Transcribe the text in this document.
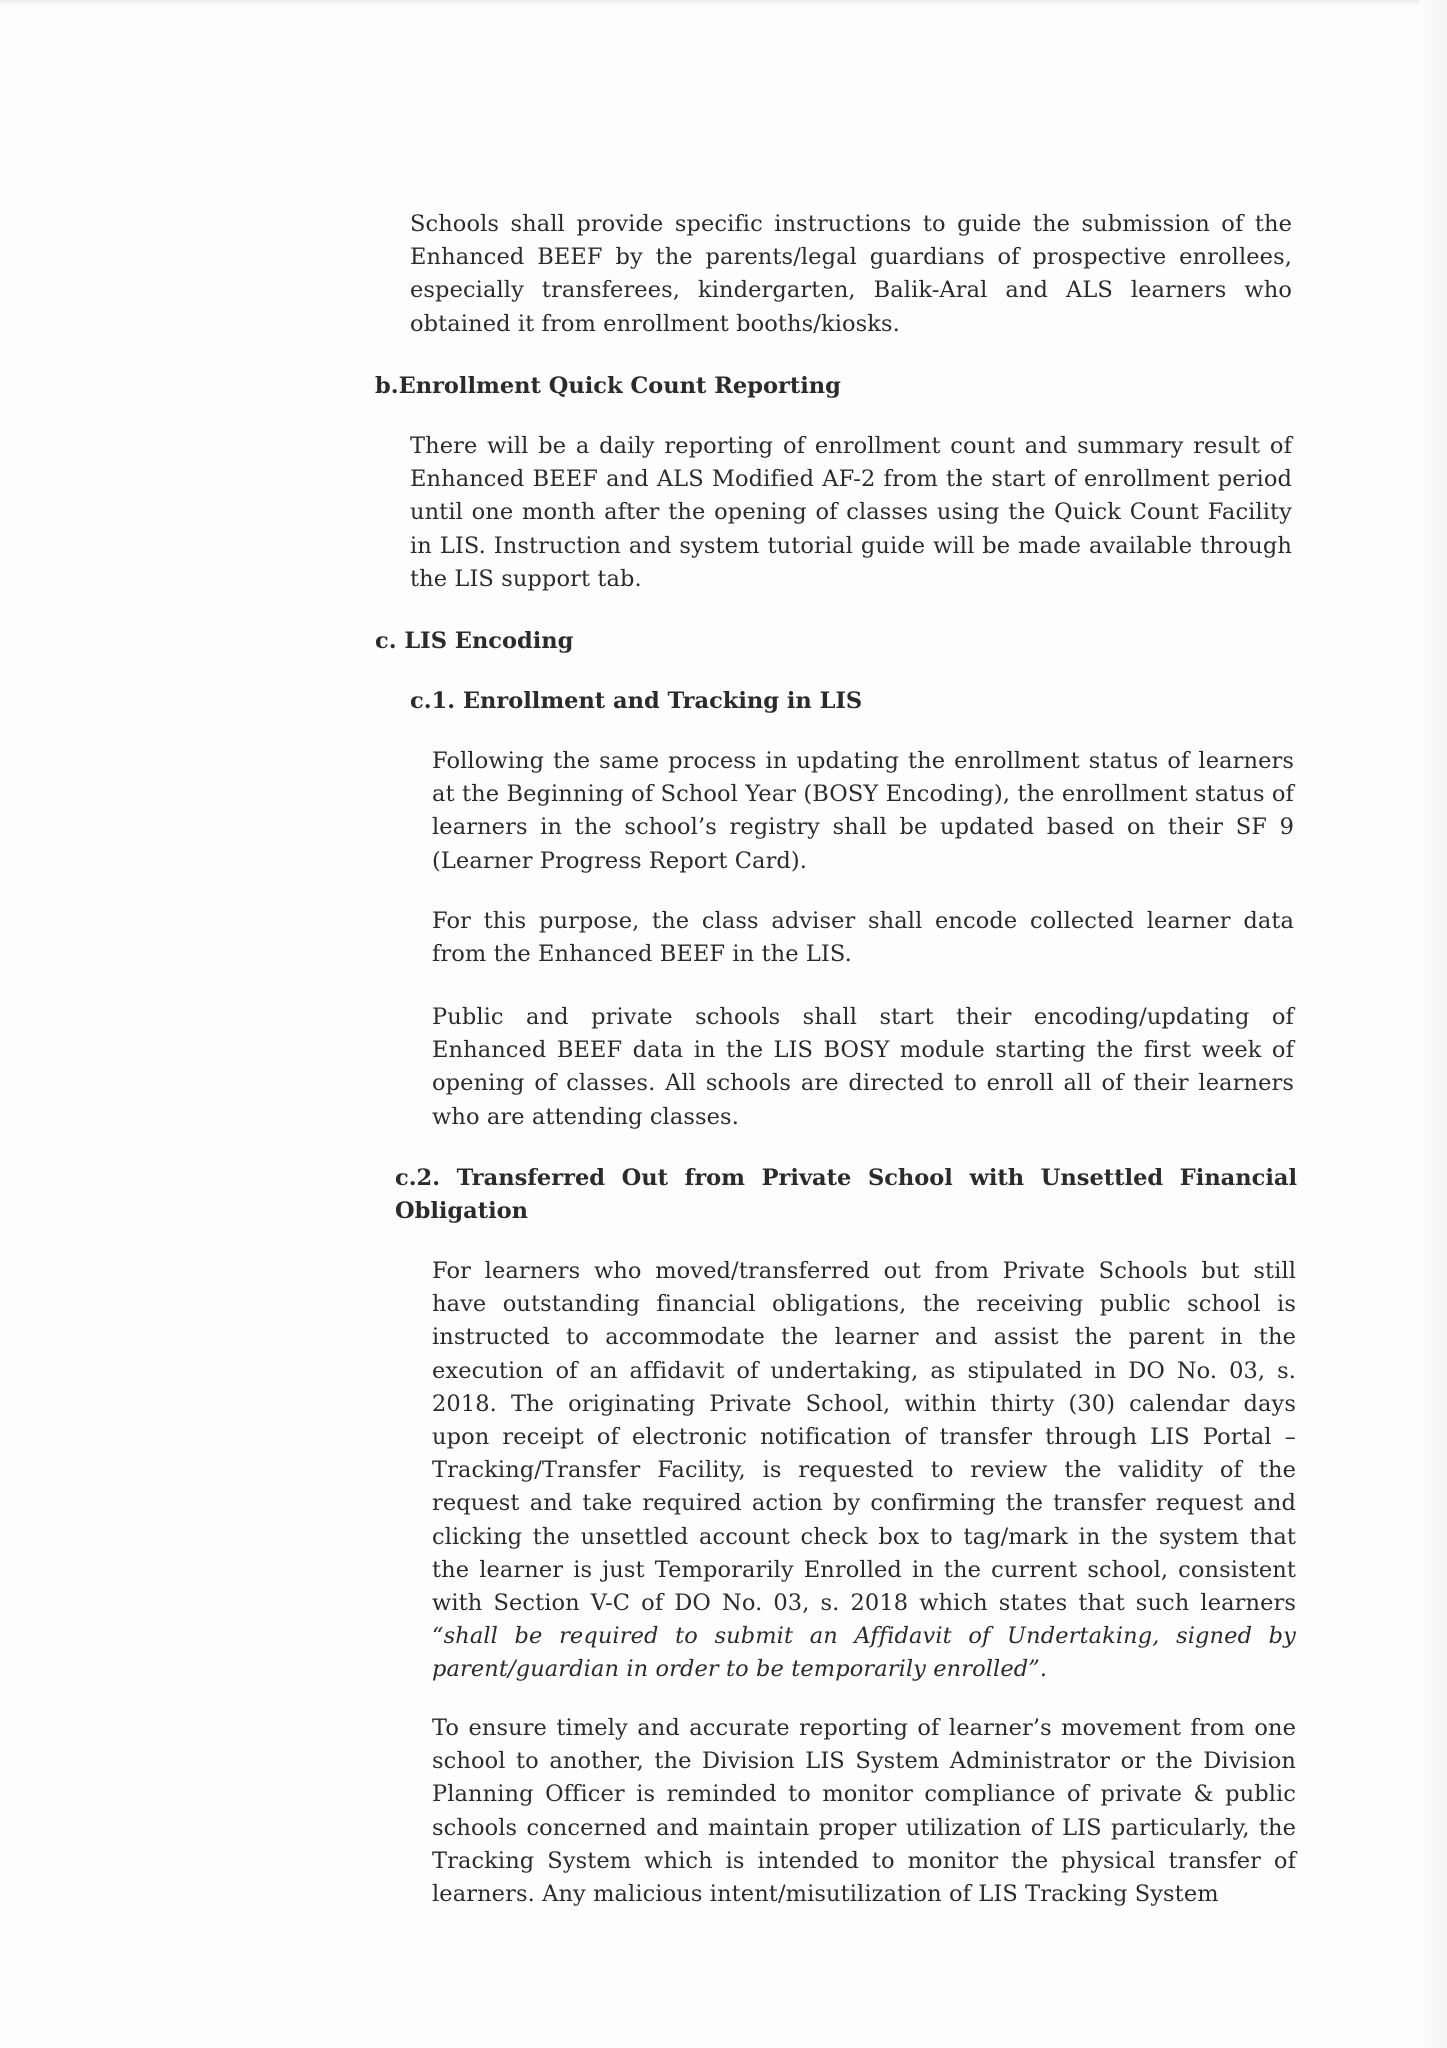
Schools shall provide specific instructions to guide the submission of the Enhanced BEEF by the parents/legal guardians of prospective enrollees, especially transferees, kindergarten, Balik-Aral and ALS learners who obtained it from enrollment booths/kiosks.

b.Enrollment Quick Count Reporting

There will be a daily reporting of enrollment count and summary result of Enhanced BEEF and ALS Modified AF-2 from the start of enrollment period until one month after the opening of classes using the Quick Count Facility in LIS. Instruction and system tutorial guide will be made available through the LIS support tab.

c. LIS Encoding
c.1. Enrollment and Tracking in LIS

Following the same process in updating the enrollment status of learners at the Beginning of School Year (BOSY Encoding), the enrollment status of learners in the school’s registry shall be updated based on their SF 9 (Learner Progress Report Card).

For this purpose, the class adviser shall encode collected learner data from the Enhanced BEEF in the LIS.

Public and private schools shall start their encoding/updating of Enhanced BEEF data in the LIS BOSY module starting the first week of opening of classes. All schools are directed to enroll all of their learners who are attending classes.

c.2. Transferred Out from Private School with Unsettled Financial Obligation

For learners who moved/transferred out from Private Schools but still have outstanding financial obligations, the receiving public school is instructed to accommodate the learner and assist the parent in the execution of an affidavit of undertaking, as stipulated in DO No. 03, s. 2018. The originating Private School, within thirty (30) calendar days upon receipt of electronic notification of transfer through LIS Portal – Tracking/Transfer Facility, is requested to review the validity of the request and take required action by confirming the transfer request and clicking the unsettled account check box to tag/mark in the system that the learner is just Temporarily Enrolled in the current school, consistent with Section V-C of DO No. 03, s. 2018 which states that such learners “shall be required to submit an Affidavit of Undertaking, signed by parent/guardian in order to be temporarily enrolled”.

To ensure timely and accurate reporting of learner’s movement from one school to another, the Division LIS System Administrator or the Division Planning Officer is reminded to monitor compliance of private & public schools concerned and maintain proper utilization of LIS particularly, the Tracking System which is intended to monitor the physical transfer of learners. Any malicious intent/misutilization of LIS Tracking System
